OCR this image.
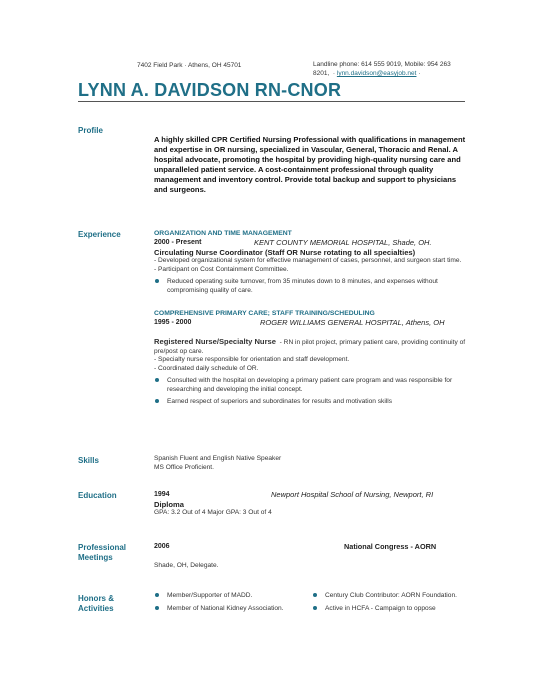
7402 Field Park · Athens, OH 45701	Landline phone: 614 555 9019, Mobile: 954 263
8201,  · lynn.davidson@easyjob.net ·
LYNN A. DAVIDSON RN-CNOR
Profile
A highly skilled CPR Certified Nursing Professional with qualifications in management and expertise in OR nursing, specialized in Vascular, General, Thoracic and Renal. A hospital advocate, promoting the hospital by providing high-quality nursing care and unparalleled patient service. A cost-containment professional through quality management and inventory control. Provide total backup and support to physicians and surgeons.
Experience	ORGANIZATION AND TIME MANAGEMENT
2000 - Present	KENT COUNTY MEMORIAL HOSPITAL, Shade, OH.
Circulating Nurse Coordinator (Staff OR Nurse rotating to all specialties)
- Developed organizational system for effective management of cases, personnel, and surgeon start time.
- Participant on Cost Containment Committee.
Reduced operating suite turnover, from 35 minutes down to 8 minutes, and expenses without compromising quality of care.
COMPREHENSIVE PRIMARY CARE; STAFF TRAINING/SCHEDULING
1995 - 2000	ROGER WILLIAMS GENERAL HOSPITAL, Athens, OH
Registered Nurse/Specialty Nurse - RN in pilot project, primary patient care, providing continuity of pre/post op care.
- Specialty nurse responsible for orientation and staff development.
- Coordinated daily schedule of OR.
Consulted with the hospital on developing a primary patient care program and was responsible for researching and developing the initial concept.
Earned respect of superiors and subordinates for results and motivation skills
Skills	Spanish Fluent and English Native Speaker
MS Office Proficient.
Education	1994	Newport Hospital School of Nursing, Newport, RI
Diploma
GPA: 3.2 Out of 4 Major GPA: 3 Out of 4
Professional
Meetings
2006	National Congress - AORN
Shade, OH, Delegate.
Honors &
Activities
Member/Supporter of MADD.
Member of National Kidney Association.
Century Club Contributor: AORN Foundation.
Active in HCFA - Campaign to oppose
